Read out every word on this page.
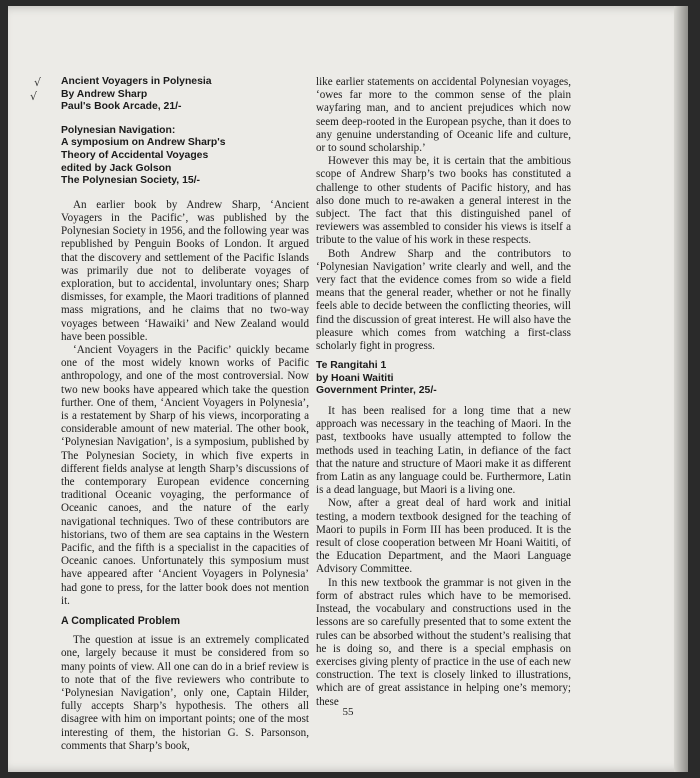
√
√
Ancient Voyagers in Polynesia
By Andrew Sharp
Paul's Book Arcade, 21/-
Polynesian Navigation:
A symposium on Andrew Sharp's
Theory of Accidental Voyages
edited by Jack Golson
The Polynesian Society, 15/-

An earlier book by Andrew Sharp, ‘Ancient Voyagers in the Pacific’, was published by the Polynesian Society in 1956, and the following year was republished by Penguin Books of London. It argued that the discovery and settlement of the Pacific Islands was primarily due not to deliberate voyages of exploration, but to accidental, involuntary ones; Sharp dismisses, for example, the Maori traditions of planned mass migrations, and he claims that no two-way voyages between ‘Hawaiki’ and New Zealand would have been possible.

‘Ancient Voyagers in the Pacific’ quickly became one of the most widely known works of Pacific anthropology, and one of the most controversial. Now two new books have appeared which take the question further. One of them, ‘Ancient Voyagers in Polynesia’, is a restatement by Sharp of his views, incorporating a considerable amount of new material. The other book, ‘Polynesian Navigation’, is a symposium, published by The Polynesian Society, in which five experts in different fields analyse at length Sharp’s discussions of the contemporary European evidence concerning traditional Oceanic voyaging, the performance of Oceanic canoes, and the nature of the early navigational techniques. Two of these contributors are historians, two of them are sea captains in the Western Pacific, and the fifth is a specialist in the capacities of Oceanic canoes. Unfortunately this symposium must have appeared after ‘Ancient Voyagers in Polynesia’ had gone to press, for the latter book does not mention it.

A Complicated Problem

The question at issue is an extremely complicated one, largely because it must be considered from so many points of view. All one can do in a brief review is to note that of the five reviewers who contribute to ‘Polynesian Navigation’, only one, Captain Hilder, fully accepts Sharp’s hypothesis. The others all disagree with him on important points; one of the most interesting of them, the historian G. S. Parsonson, comments that Sharp’s book,

like earlier statements on accidental Polynesian voyages, ‘owes far more to the common sense of the plain wayfaring man, and to ancient prejudices which now seem deep-rooted in the European psyche, than it does to any genuine understanding of Oceanic life and culture, or to sound scholarship.’

However this may be, it is certain that the ambitious scope of Andrew Sharp’s two books has constituted a challenge to other students of Pacific history, and has also done much to re-awaken a general interest in the subject. The fact that this distinguished panel of reviewers was assembled to consider his views is itself a tribute to the value of his work in these respects.

Both Andrew Sharp and the contributors to ‘Polynesian Navigation’ write clearly and well, and the very fact that the evidence comes from so wide a field means that the general reader, whether or not he finally feels able to decide between the conflicting theories, will find the discussion of great interest. He will also have the pleasure which comes from watching a first-class scholarly fight in progress.

Te Rangitahi 1
by Hoani Waititi
Government Printer, 25/-

It has been realised for a long time that a new approach was necessary in the teaching of Maori. In the past, textbooks have usually attempted to follow the methods used in teaching Latin, in defiance of the fact that the nature and structure of Maori make it as different from Latin as any language could be. Furthermore, Latin is a dead language, but Maori is a living one.

Now, after a great deal of hard work and initial testing, a modern textbook designed for the teaching of Maori to pupils in Form III has been produced. It is the result of close cooperation between Mr Hoani Waititi, of the Education Department, and the Maori Language Advisory Committee.

In this new textbook the grammar is not given in the form of abstract rules which have to be memorised. Instead, the vocabulary and constructions used in the lessons are so carefully presented that to some extent the rules can be absorbed without the student’s realising that he is doing so, and there is a special emphasis on exercises giving plenty of practice in the use of each new construction. The text is closely linked to illustrations, which are of great assistance in helping one’s memory; these

55
